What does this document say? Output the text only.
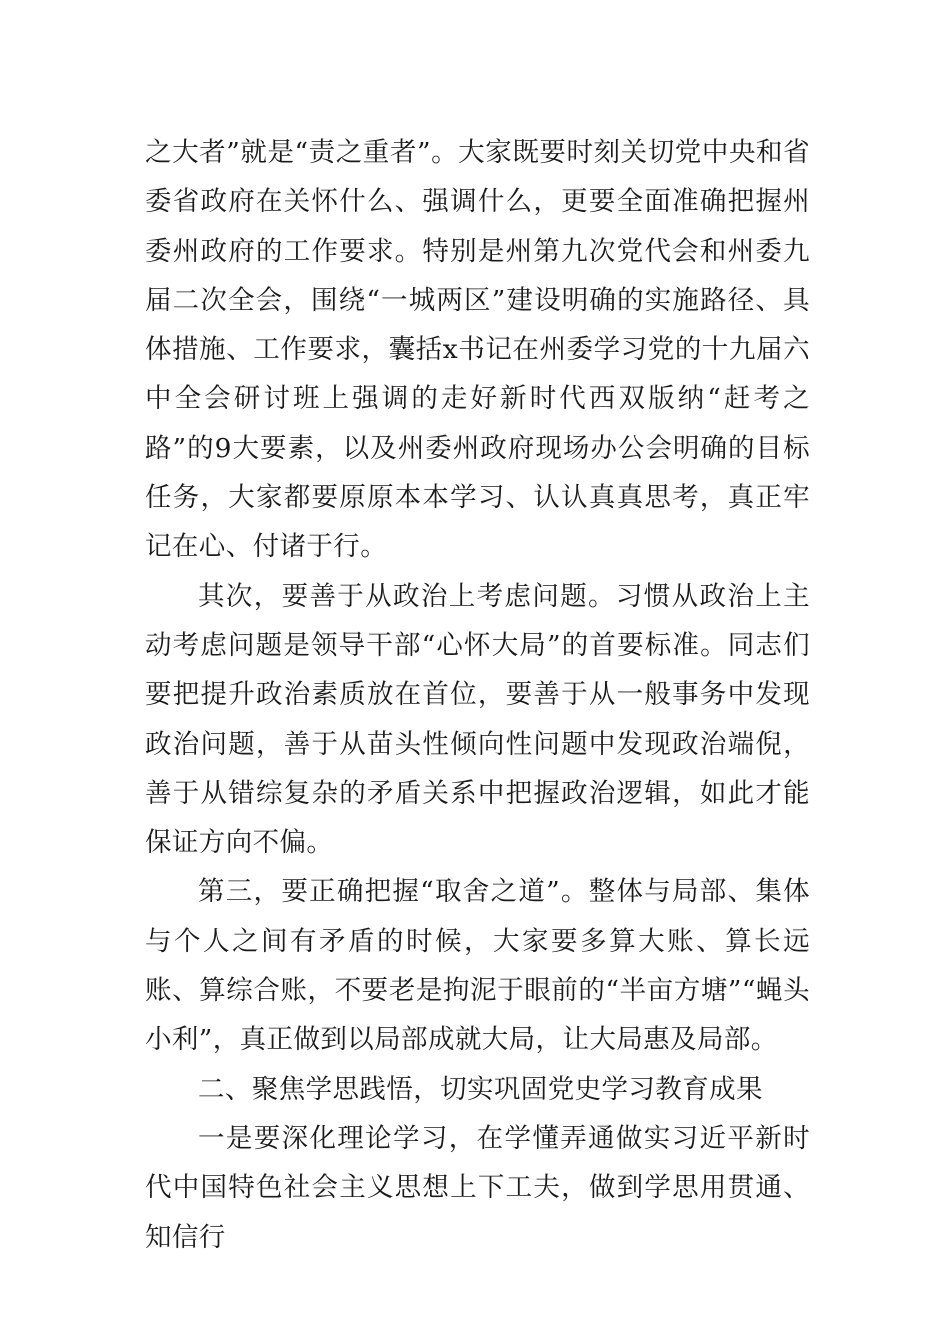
之大者”就是“责之重者”。大家既要时刻关切党中央和省委省政府在关怀什么、强调什么，更要全面准确把握州委州政府的工作要求。特别是州第九次党代会和州委九届二次全会，围绕“一城两区”建设明确的实施路径、具体措施、工作要求，囊括x书记在州委学习党的十九届六中全会研讨班上强调的走好新时代西双版纳“赶考之路”的9大要素，以及州委州政府现场办公会明确的目标任务，大家都要原原本本学习、认认真真思考，真正牢记在心、付诸于行。

其次，要善于从政治上考虑问题。习惯从政治上主动考虑问题是领导干部“心怀大局”的首要标准。同志们要把提升政治素质放在首位，要善于从一般事务中发现政治问题，善于从苗头性倾向性问题中发现政治端倪，善于从错综复杂的矛盾关系中把握政治逻辑，如此才能保证方向不偏。

第三，要正确把握“取舍之道”。整体与局部、集体与个人之间有矛盾的时候，大家要多算大账、算长远账、算综合账，不要老是拘泥于眼前的“半亩方塘”“蝇头小利”，真正做到以局部成就大局，让大局惠及局部。

二、聚焦学思践悟，切实巩固党史学习教育成果

一是要深化理论学习，在学懂弄通做实习近平新时代中国特色社会主义思想上下工夫，做到学思用贯通、知信行
